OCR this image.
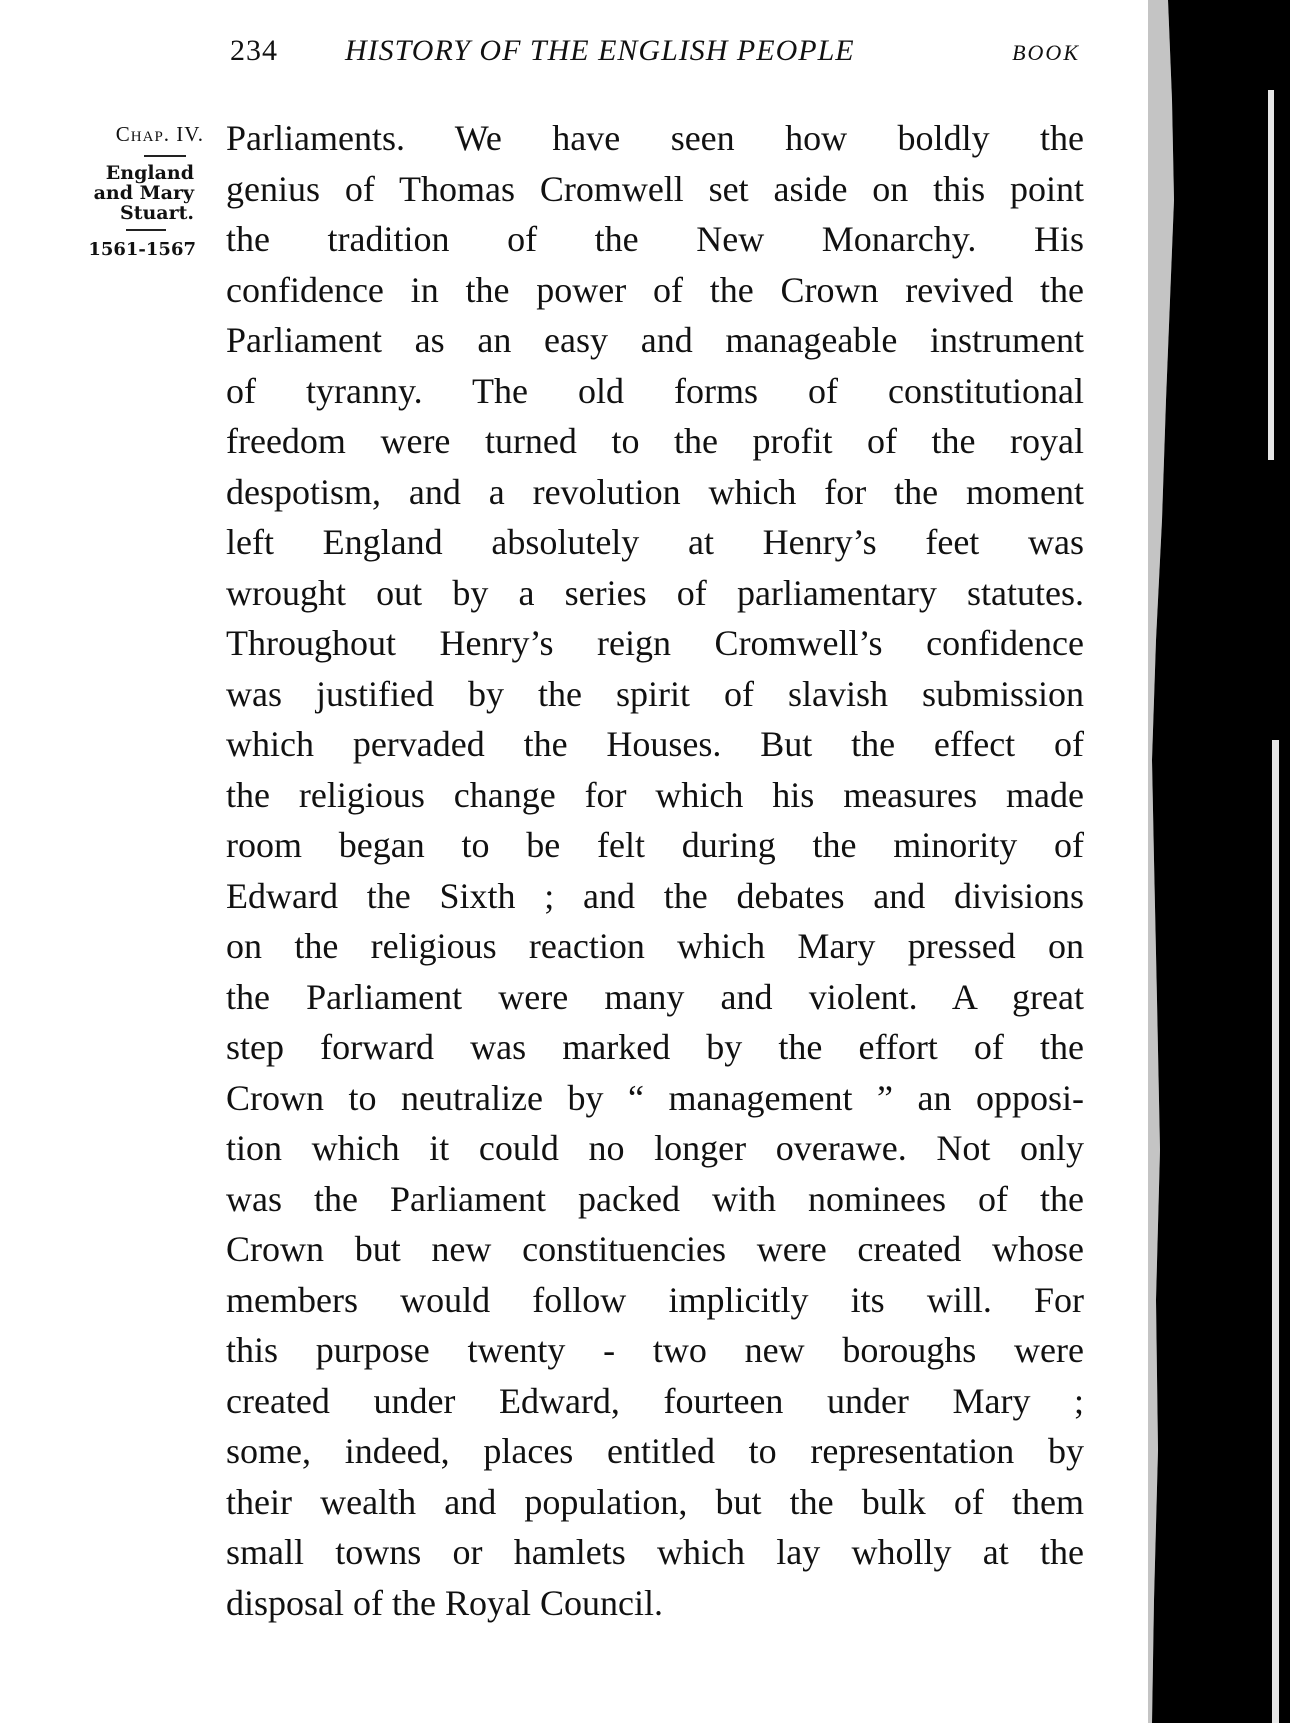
234 HISTORY OF THE ENGLISH PEOPLE	BOOK
Chap. IV.
England
and Mary
Stuart.
1561-1567
Parliaments. We have seen how boldly the
genius of Thomas Cromwell set aside on this point
the tradition of the New Monarchy. His
confidence in the power of the Crown revived the
Parliament as an easy and manageable instrument
of tyranny. The old forms of constitutional
freedom were turned to the profit of the royal
despotism, and a revolution which for the moment
left England absolutely at Henry’s feet was
wrought out by a series of parliamentary statutes.
Throughout Henry’s reign Cromwell’s confidence
was justified by the spirit of slavish submission
which pervaded the Houses. But the effect of
the religious change for which his measures made
room began to be felt during the minority of
Edward the Sixth ; and the debates and divisions
on the religious reaction which Mary pressed on
the Parliament were many and violent. A great
step forward was marked by the effort of the
Crown to neutralize by “ management ” an opposi-
tion which it could no longer overawe. Not only
was the Parliament packed with nominees of the
Crown but new constituencies were created whose
members would follow implicitly its will. For
this purpose twenty - two new boroughs were
created under Edward, fourteen under Mary ;
some, indeed, places entitled to representation by
their wealth and population, but the bulk of them
small towns or hamlets which lay wholly at the
disposal of the Royal Council.
